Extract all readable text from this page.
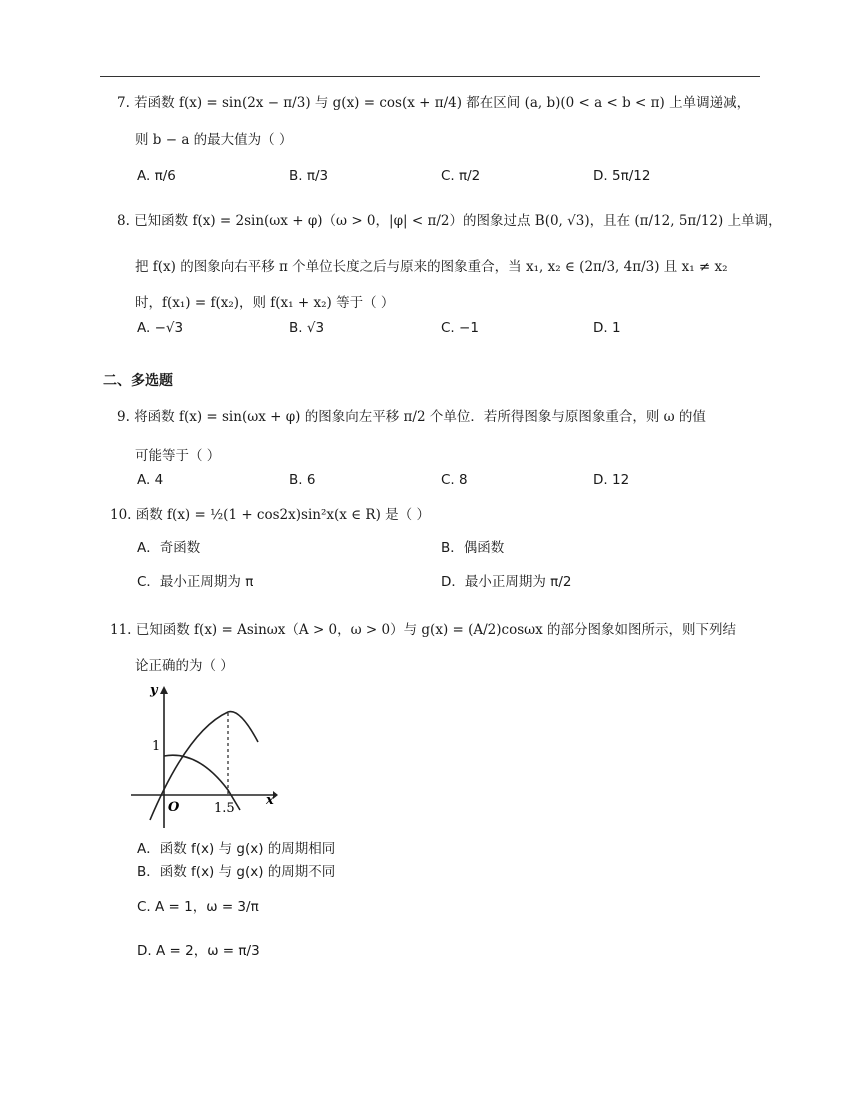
7. 若函数 f(x) = sin(2x − π/3) 与 g(x) = cos(x + π/4) 都在区间 (a, b)(0 < a < b < π) 上单调递减，
则 b − a 的最大值为（ ）
A. π/6	B. π/3	C. π/2	D. 5π/12
8. 已知函数 f(x) = 2sin(ωx + φ)（ω > 0，|φ| < π/2）的图象过点 B(0, √3)，且在 (π/12, 5π/12) 上单调，
把 f(x) 的图象向右平移 π 个单位长度之后与原来的图象重合，当 x₁, x₂ ∈ (2π/3, 4π/3) 且 x₁ ≠ x₂
时，f(x₁) = f(x₂)，则 f(x₁ + x₂) 等于（ ）
A. −√3	B. √3	C. −1	D. 1
二、多选题
9. 将函数 f(x) = sin(ωx + φ) 的图象向左平移 π/2 个单位．若所得图象与原图象重合，则 ω 的值
可能等于（ ）
A. 4	B. 6	C. 8	D. 12
10. 函数 f(x) = ½(1 + cos2x)sin²x(x ∈ R) 是（ ）
A．奇函数	B．偶函数
C．最小正周期为 π	D．最小正周期为 π/2
11. 已知函数 f(x) = Asinωx（A > 0，ω > 0）与 g(x) = (A/2)cosωx 的部分图象如图所示，则下列结
论正确的为（ ）
y
x
O
1
1.5
A．函数 f(x) 与 g(x) 的周期相同
B．函数 f(x) 与 g(x) 的周期不同
C. A = 1，ω = 3/π
D. A = 2，ω = π/3
